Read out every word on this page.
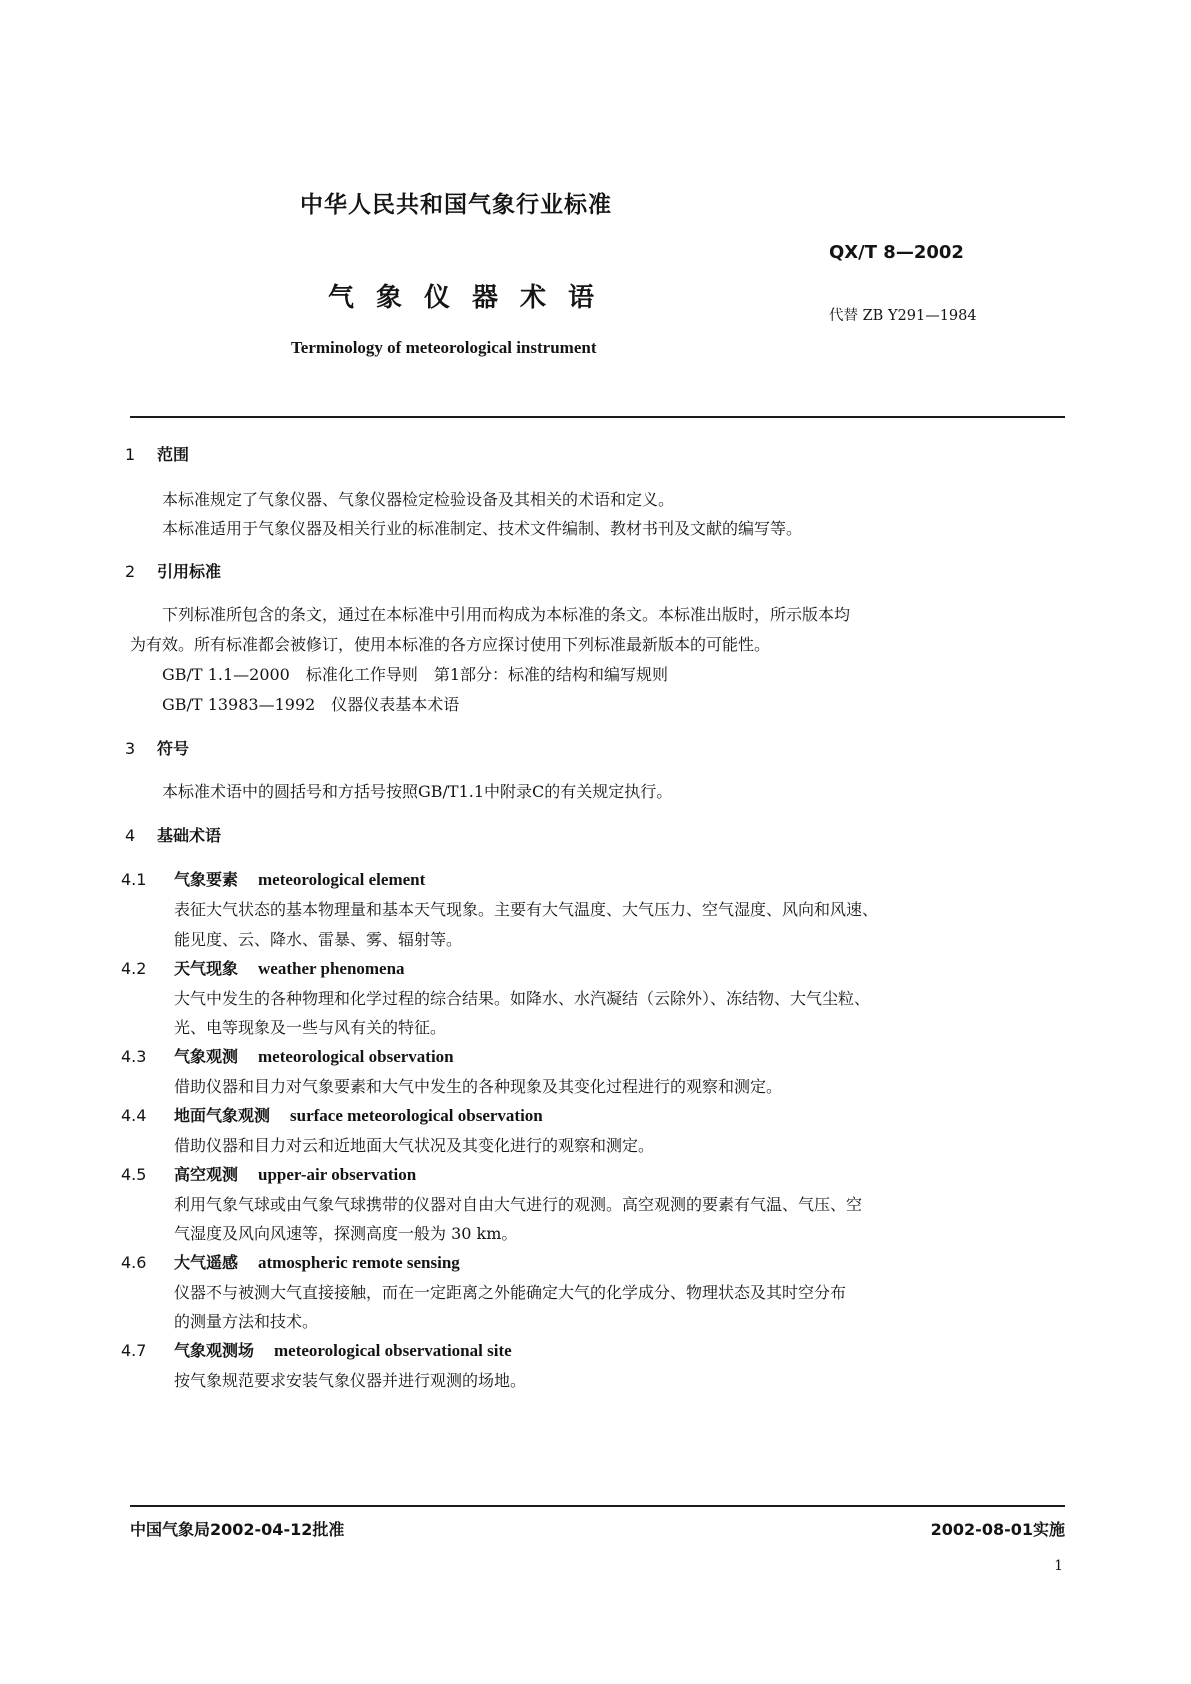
中华人民共和国气象行业标准
QX/T 8—2002
气象仪器术语
代替 ZB Y291—1984
Terminology of meteorological instrument
1 范围
本标准规定了气象仪器、气象仪器检定检验设备及其相关的术语和定义。
本标准适用于气象仪器及相关行业的标准制定、技术文件编制、教材书刊及文献的编写等。
2 引用标准
下列标准所包含的条文，通过在本标准中引用而构成为本标准的条文。本标准出版时，所示版本均
为有效。所有标准都会被修订，使用本标准的各方应探讨使用下列标准最新版本的可能性。
GB/T 1.1—2000　标准化工作导则　第1部分：标准的结构和编写规则
GB/T 13983—1992　仪器仪表基本术语
3 符号
本标准术语中的圆括号和方括号按照GB/T1.1中附录C的有关规定执行。
4 基础术语
4.1 气象要素 meteorological element
表征大气状态的基本物理量和基本天气现象。主要有大气温度、大气压力、空气湿度、风向和风速、
能见度、云、降水、雷暴、雾、辐射等。
4.2 天气现象 weather phenomena
大气中发生的各种物理和化学过程的综合结果。如降水、水汽凝结（云除外）、冻结物、大气尘粒、
光、电等现象及一些与风有关的特征。
4.3 气象观测 meteorological observation
借助仪器和目力对气象要素和大气中发生的各种现象及其变化过程进行的观察和测定。
4.4 地面气象观测 surface meteorological observation
借助仪器和目力对云和近地面大气状况及其变化进行的观察和测定。
4.5 高空观测 upper-air observation
利用气象气球或由气象气球携带的仪器对自由大气进行的观测。高空观测的要素有气温、气压、空
气湿度及风向风速等，探测高度一般为 30 km。
4.6 大气遥感 atmospheric remote sensing
仪器不与被测大气直接接触，而在一定距离之外能确定大气的化学成分、物理状态及其时空分布
的测量方法和技术。
4.7 气象观测场 meteorological observational site
按气象规范要求安装气象仪器并进行观测的场地。
中国气象局2002-04-12批准	2002-08-01实施
1
